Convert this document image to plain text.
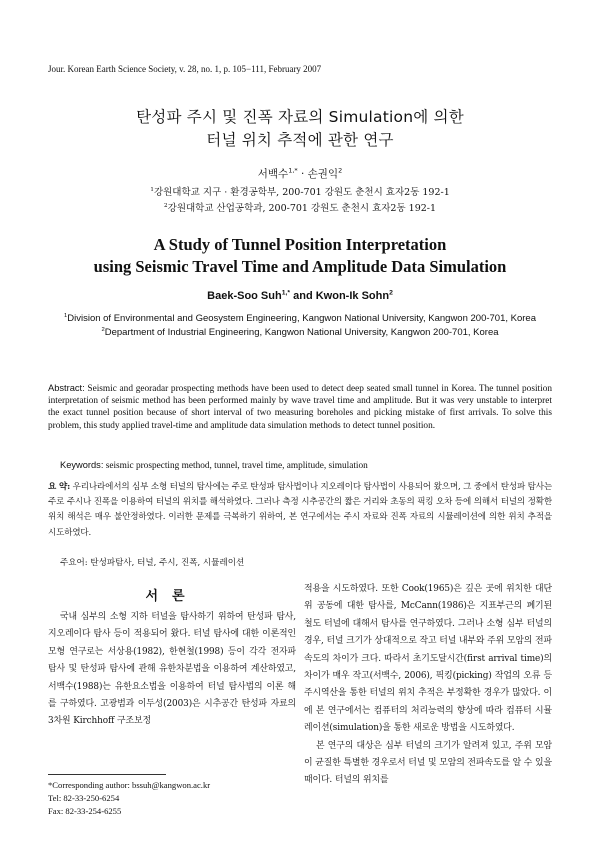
Jour. Korean Earth Science Society, v. 28, no. 1, p. 105−111, February 2007
탄성파 주시 및 진폭 자료의 Simulation에 의한
터널 위치 추적에 관한 연구
서백수$^{1,*}$ · 손권익$^2$
$^1$강원대학교 지구 · 환경공학부, 200-701 강원도 춘천시 효자2동 192-1
$^2$강원대학교 산업공학과, 200-701 강원도 춘천시 효자2동 192-1
A Study of Tunnel Position Interpretation
using Seismic Travel Time and Amplitude Data Simulation
Baek-Soo Suh$^{1,*}$ and Kwon-Ik Sohn$^2$
$^1$Division of Environmental and Geosystem Engineering, Kangwon National University, Kangwon 200-701, Korea
$^2$Department of Industrial Engineering, Kangwon National University, Kangwon 200-701, Korea
Abstract: Seismic and georadar prospecting methods have been used to detect deep seated small tunnel in Korea. The tunnel position interpretation of seismic method has been performed mainly by wave travel time and amplitude. But it was very unstable to interpret the exact tunnel position because of short interval of two measuring boreholes and picking mistake of first arrivals. To solve this problem, this study applied travel-time and amplitude data simulation methods to detect tunnel position.
Keywords: seismic prospecting method, tunnel, travel time, amplitude, simulation
요 약: 우리나라에서의 심부 소형 터널의 탐사에는 주로 탄성파 탐사법이나 지오레이다 탐사법이 사용되어 왔으며, 그 중에서 탄성파 탐사는 주로 주시나 진폭을 이용하여 터널의 위치를 해석하였다. 그러나 측정 시추공간의 짧은 거리와 초동의 픽킹 오차 등에 의해서 터널의 정확한 위치 해석은 매우 불안정하였다. 이러한 문제를 극복하기 위하여, 본 연구에서는 주시 자료와 진폭 자료의 시뮬레이션에 의한 위치 추적을 시도하였다.
주요어: 탄성파탐사, 터널, 주시, 진폭, 시뮬레이션
서론

국내 심부의 소형 지하 터널을 탐사하기 위하여 탄성파 탐사, 지오레이다 탐사 등이 적용되어 왔다. 터널 탐사에 대한 이론적인 모형 연구로는 서상용(1982), 한현철(1998) 등이 각각 전자파 탐사 및 탄성파 탐사에 관해 유한차분법을 이용하여 계산하였고, 서백수(1988)는 유한요소법을 이용하여 터널 탐사법의 이론 해를 구하였다. 고광범과 이두성(2003)은 시추공간 탄성파 자료의 3차원 Kirchhoff 구조보정

적용을 시도하였다. 또한 Cook(1965)은 깊은 곳에 위치한 대단위 공동에 대한 탐사를, McCann(1986)은 지표부근의 폐기된 철도 터널에 대해서 탐사를 연구하였다. 그러나 소형 심부 터널의 경우, 터널 크기가 상대적으로 작고 터널 내부와 주위 모암의 전파 속도의 차이가 크다. 따라서 초기도달시간(first arrival time)의 차이가 매우 작고(서백수, 2006), 픽킹(picking) 작업의 오류 등 주시역산을 통한 터널의 위치 추적은 부정확한 경우가 많았다. 이에 본 연구에서는 컴퓨터의 처리능력의 향상에 따라 컴퓨터 시뮬레이션(simulation)을 통한 새로운 방법을 시도하였다.

본 연구의 대상은 심부 터널의 크기가 알려져 있고, 주위 모암이 균질한 특별한 경우로서 터널 및 모암의 전파속도를 알 수 있을 때이다. 터널의 위치를

*Corresponding author: bssuh@kangwon.ac.kr
Tel: 82-33-250-6254
Fax: 82-33-254-6255
